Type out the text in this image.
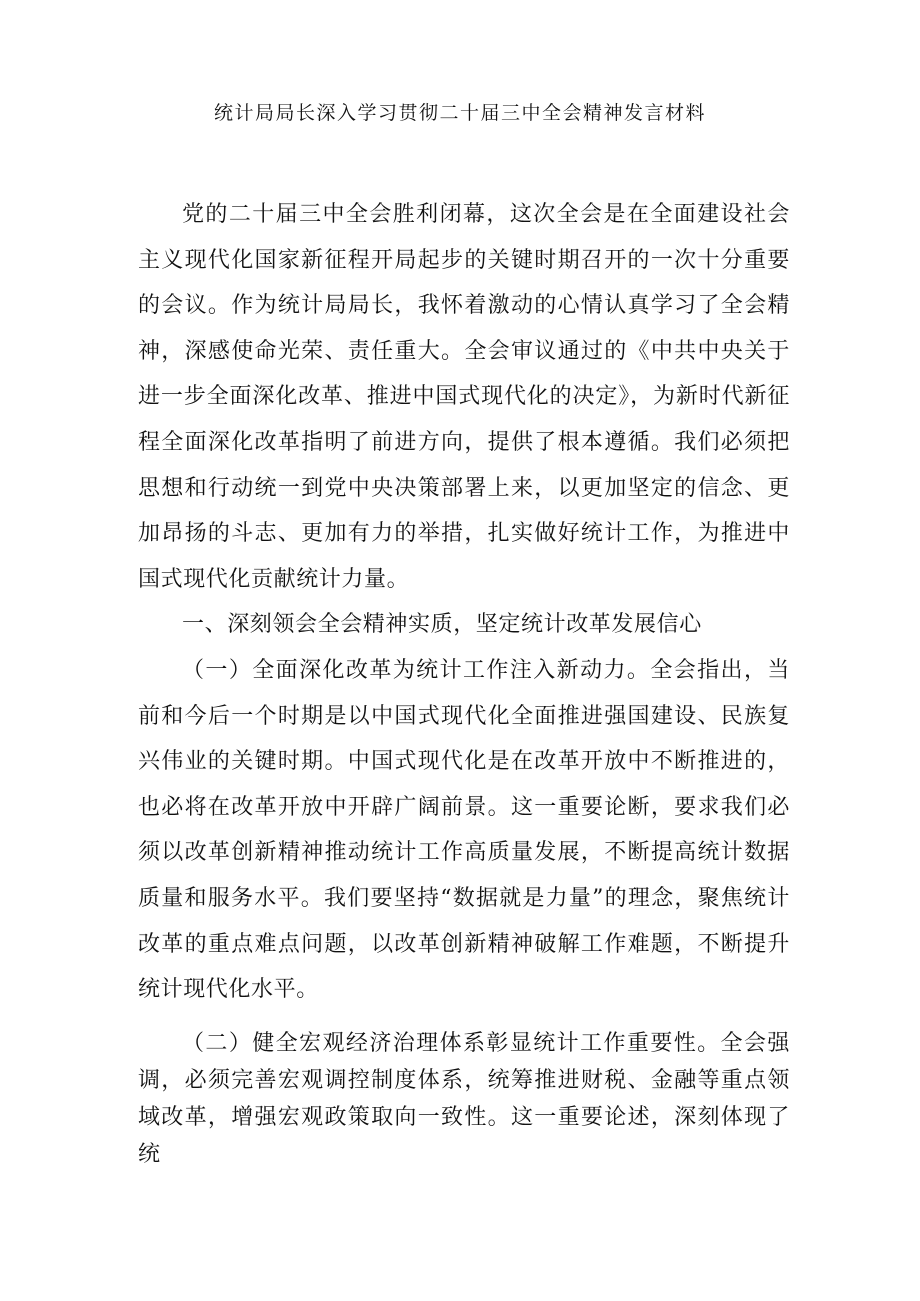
统计局局长深入学习贯彻二十届三中全会精神发言材料

党的二十届三中全会胜利闭幕，这次全会是在全面建设社会主义现代化国家新征程开局起步的关键时期召开的一次十分重要的会议。作为统计局局长，我怀着激动的心情认真学习了全会精神，深感使命光荣、责任重大。全会审议通过的《中共中央关于进一步全面深化改革、推进中国式现代化的决定》，为新时代新征程全面深化改革指明了前进方向，提供了根本遵循。我们必须把思想和行动统一到党中央决策部署上来，以更加坚定的信念、更加昂扬的斗志、更加有力的举措，扎实做好统计工作，为推进中国式现代化贡献统计力量。

一、深刻领会全会精神实质，坚定统计改革发展信心

（一）全面深化改革为统计工作注入新动力。全会指出，当前和今后一个时期是以中国式现代化全面推进强国建设、民族复兴伟业的关键时期。中国式现代化是在改革开放中不断推进的，也必将在改革开放中开辟广阔前景。这一重要论断，要求我们必须以改革创新精神推动统计工作高质量发展，不断提高统计数据质量和服务水平。我们要坚持“数据就是力量”的理念，聚焦统计改革的重点难点问题，以改革创新精神破解工作难题，不断提升统计现代化水平。

（二）健全宏观经济治理体系彰显统计工作重要性。全会强调，必须完善宏观调控制度体系，统筹推进财税、金融等重点领域改革，增强宏观政策取向一致性。这一重要论述，深刻体现了统
